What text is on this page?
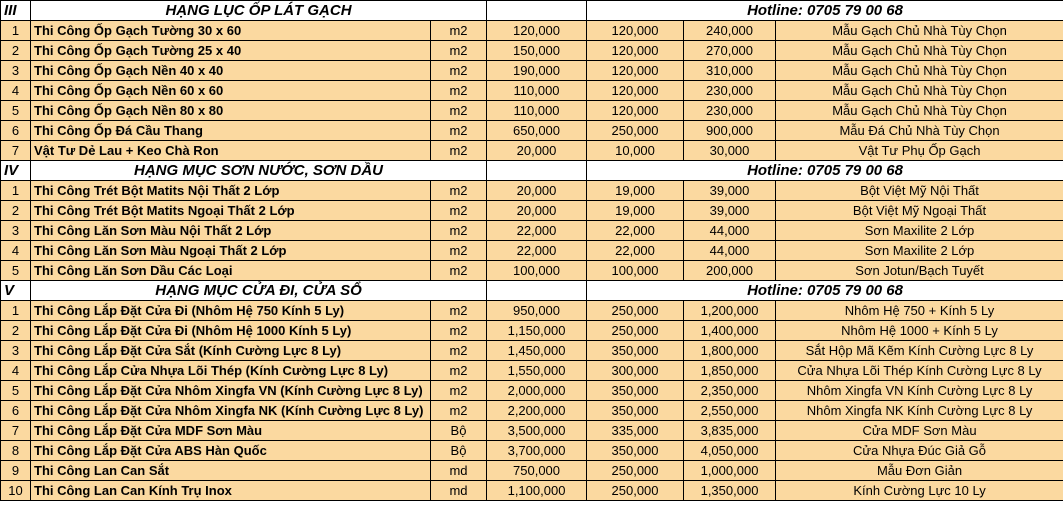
III	HẠNG LỤC ỐP LÁT GẠCH			Hotline: 0705 79 00 68			
1	Thi Công Ốp Gạch Tường 30 x 60	m2	120,000	120,000	240,000	Mẫu Gạch Chủ Nhà Tùy Chọn	
2	Thi Công Ốp Gạch Tường 25 x 40	m2	150,000	120,000	270,000	Mẫu Gạch Chủ Nhà Tùy Chọn	
3	Thi Công Ốp Gạch Nền 40 x 40	m2	190,000	120,000	310,000	Mẫu Gạch Chủ Nhà Tùy Chọn	
4	Thi Công Ốp Gạch Nền 60 x 60	m2	110,000	120,000	230,000	Mẫu Gạch Chủ Nhà Tùy Chọn	
5	Thi Công Ốp Gạch Nền 80 x 80	m2	110,000	120,000	230,000	Mẫu Gạch Chủ Nhà Tùy Chọn	
6	Thi Công Ốp Đá Cầu Thang	m2	650,000	250,000	900,000	Mẫu Đá Chủ Nhà Tùy Chọn	
7	Vật Tư Dẻ Lau + Keo Chà Ron	m2	20,000	10,000	30,000	Vật Tư Phụ Ốp Gạch	
IV	HẠNG MỤC SƠN NƯỚC, SƠN DẦU			Hotline: 0705 79 00 68			
1	Thi Công Trét Bột Matits Nội Thất 2 Lớp	m2	20,000	19,000	39,000	Bột Việt Mỹ Nội Thất	
2	Thi Công Trét Bột Matits Ngoại Thất 2 Lớp	m2	20,000	19,000	39,000	Bột Việt Mỹ Ngoại Thất	
3	Thi Công Lăn Sơn Màu Nội Thất 2 Lớp	m2	22,000	22,000	44,000	Sơn Maxilite 2 Lớp	
4	Thi Công Lăn Sơn Màu Ngoại Thất 2 Lớp	m2	22,000	22,000	44,000	Sơn Maxilite 2 Lớp	
5	Thi Công Lăn Sơn Dầu Các Loại	m2	100,000	100,000	200,000	Sơn Jotun/Bạch Tuyết	
V	HẠNG MỤC CỬA ĐI, CỬA SỔ			Hotline: 0705 79 00 68			
1	Thi Công Lắp Đặt Cửa Đi (Nhôm Hệ 750 Kính 5 Ly)	m2	950,000	250,000	1,200,000	Nhôm Hệ 750 + Kính 5 Ly	
2	Thi Công Lắp Đặt Cửa Đi (Nhôm Hệ 1000 Kính 5 Ly)	m2	1,150,000	250,000	1,400,000	Nhôm Hệ 1000 + Kính 5 Ly	
3	Thi Công Lắp Đặt Cửa Sắt (Kính Cường Lực 8 Ly)	m2	1,450,000	350,000	1,800,000	Sắt Hộp Mã Kẽm Kính Cường Lực 8 Ly	
4	Thi Công Lắp Cửa Nhựa Lõi Thép (Kính Cường Lực 8 Ly)	m2	1,550,000	300,000	1,850,000	Cửa Nhựa Lõi Thép Kính Cường Lực 8 Ly	
5	Thi Công Lắp Đặt Cửa Nhôm Xingfa VN (Kính Cường Lực 8 Ly)	m2	2,000,000	350,000	2,350,000	Nhôm Xingfa VN Kính Cường Lực 8 Ly	
6	Thi Công Lắp Đặt Cửa Nhôm Xingfa NK (Kính Cường Lực 8 Ly)	m2	2,200,000	350,000	2,550,000	Nhôm Xingfa NK Kính Cường Lực 8 Ly	
7	Thi Công Lắp Đặt Cửa MDF Sơn Màu	Bộ	3,500,000	335,000	3,835,000	Cửa MDF Sơn Màu	
8	Thi Công Lắp Đặt Cửa ABS Hàn Quốc	Bộ	3,700,000	350,000	4,050,000	Cửa Nhựa Đúc Giả Gỗ	
9	Thi Công Lan Can Sắt	md	750,000	250,000	1,000,000	Mẫu Đơn Giản	
10	Thi Công Lan Can Kính Trụ Inox	md	1,100,000	250,000	1,350,000	Kính Cường Lực 10 Ly	
